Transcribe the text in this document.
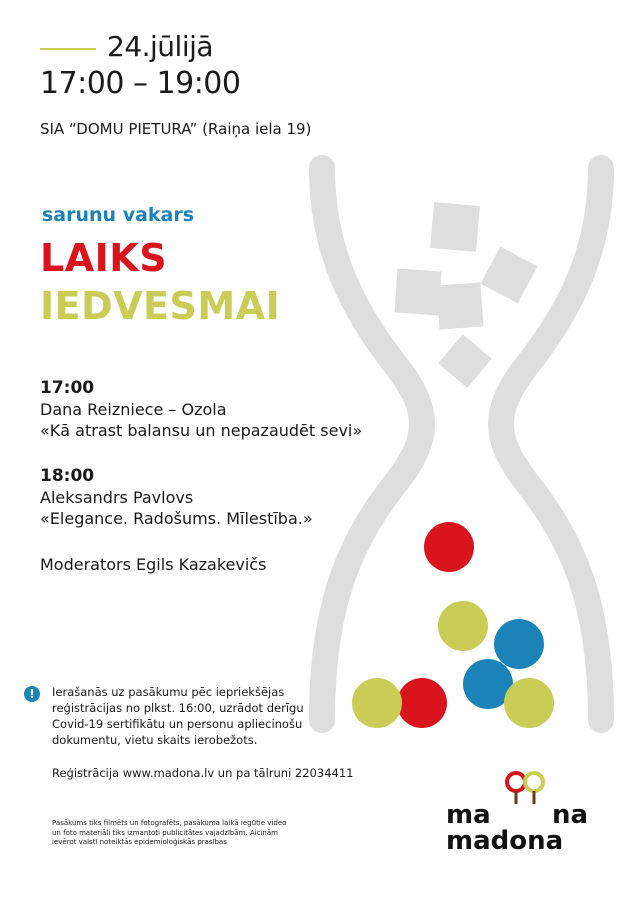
24.jūlijā
17:00 – 19:00
SIA “DOMU PIETURA” (Raiņa iela 19)
sarunu vakars
LAIKS
IEDVESMAI
17:00
Dana Reizniece – Ozola
«Kā atrast balansu un nepazaudēt sevi»
18:00
Aleksandrs Pavlovs
«Elegance. Radošums. Mīlestība.»
Moderators Egils Kazakevičs
!	Ierašanās uz pasākumu pēc iepriekšējas reģistrācijas no plkst. 16:00, uzrādot derīgu Covid-19 sertifikātu un personu apliecinošu dokumentu, vietu skaits ierobežots.
Reģistrācija www.madona.lv un pa tālruni 22034411
Pasākums tiks filmēts un fotografēts, pasākuma laikā iegūtie video un foto materiāli tiks izmantoti publicitātes vajadzībām. Aicinām ievērot valstī noteiktās epidemioloģiskās prasības
ma na
madona
